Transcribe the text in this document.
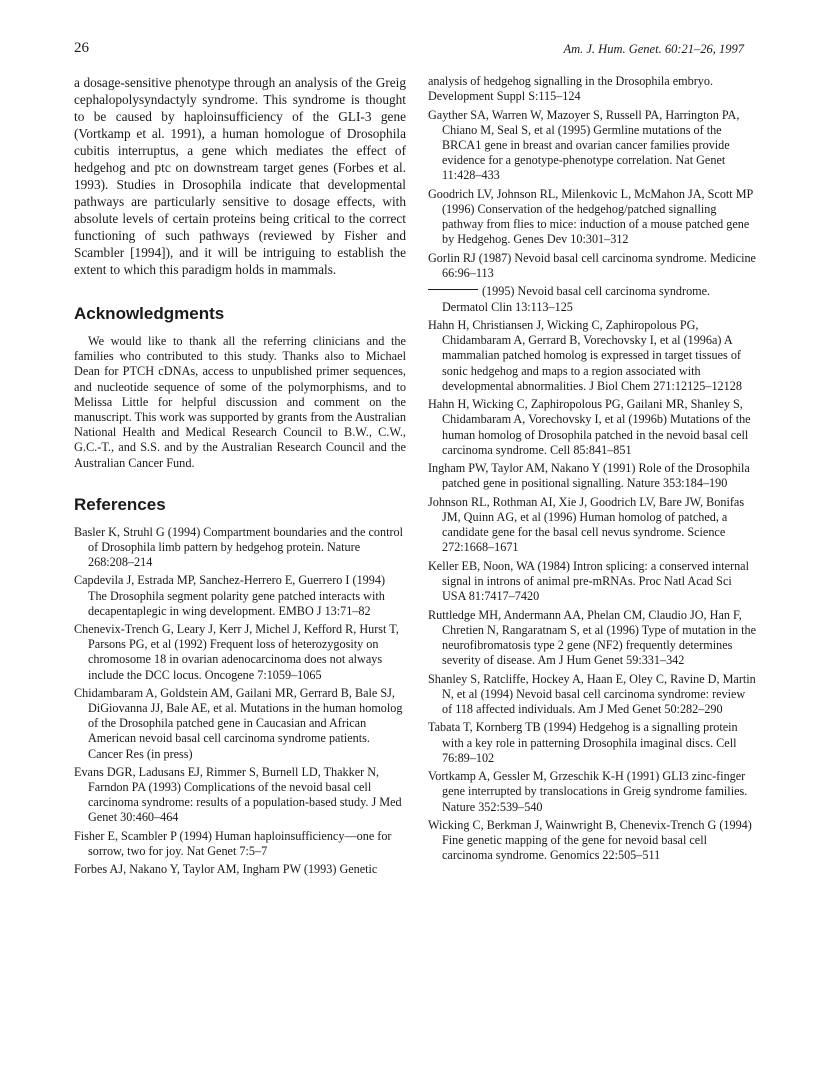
26	Am. J. Hum. Genet. 60:21–26, 1997

a dosage-sensitive phenotype through an analysis of the Greig cephalopolysyndactyly syndrome. This syndrome is thought to be caused by haploinsufficiency of the GLI-3 gene (Vortkamp et al. 1991), a human homologue of Drosophila cubitis interruptus, a gene which mediates the effect of hedgehog and ptc on downstream target genes (Forbes et al. 1993). Studies in Drosophila indicate that developmental pathways are particularly sensitive to dosage effects, with absolute levels of certain proteins being critical to the correct functioning of such pathways (reviewed by Fisher and Scambler [1994]), and it will be intriguing to establish the extent to which this paradigm holds in mammals.

Acknowledgments

We would like to thank all the referring clinicians and the families who contributed to this study. Thanks also to Michael Dean for PTCH cDNAs, access to unpublished primer sequences, and nucleotide sequence of some of the polymorphisms, and to Melissa Little for helpful discussion and comment on the manuscript. This work was supported by grants from the Australian National Health and Medical Research Council to B.W., C.W., G.C.-T., and S.S. and by the Australian Research Council and the Australian Cancer Fund.

References
Basler K, Struhl G (1994) Compartment boundaries and the control of Drosophila limb pattern by hedgehog protein. Nature 268:208–214
Capdevila J, Estrada MP, Sanchez-Herrero E, Guerrero I (1994) The Drosophila segment polarity gene patched interacts with decapentaplegic in wing development. EMBO J 13:71–82
Chenevix-Trench G, Leary J, Kerr J, Michel J, Kefford R, Hurst T, Parsons PG, et al (1992) Frequent loss of heterozygosity on chromosome 18 in ovarian adenocarcinoma does not always include the DCC locus. Oncogene 7:1059–1065
Chidambaram A, Goldstein AM, Gailani MR, Gerrard B, Bale SJ, DiGiovanna JJ, Bale AE, et al. Mutations in the human homolog of the Drosophila patched gene in Caucasian and African American nevoid basal cell carcinoma syndrome patients. Cancer Res (in press)
Evans DGR, Ladusans EJ, Rimmer S, Burnell LD, Thakker N, Farndon PA (1993) Complications of the nevoid basal cell carcinoma syndrome: results of a population-based study. J Med Genet 30:460–464
Fisher E, Scambler P (1994) Human haploinsufficiency—one for sorrow, two for joy. Nat Genet 7:5–7
Forbes AJ, Nakano Y, Taylor AM, Ingham PW (1993) Genetic
analysis of hedgehog signalling in the Drosophila embryo. Development Suppl S:115–124
Gayther SA, Warren W, Mazoyer S, Russell PA, Harrington PA, Chiano M, Seal S, et al (1995) Germline mutations of the BRCA1 gene in breast and ovarian cancer families provide evidence for a genotype-phenotype correlation. Nat Genet 11:428–433
Goodrich LV, Johnson RL, Milenkovic L, McMahon JA, Scott MP (1996) Conservation of the hedgehog/patched signalling pathway from flies to mice: induction of a mouse patched gene by Hedgehog. Genes Dev 10:301–312
Gorlin RJ (1987) Nevoid basal cell carcinoma syndrome. Medicine 66:96–113
(1995) Nevoid basal cell carcinoma syndrome. Dermatol Clin 13:113–125
Hahn H, Christiansen J, Wicking C, Zaphiropolous PG, Chidambaram A, Gerrard B, Vorechovsky I, et al (1996a) A mammalian patched homolog is expressed in target tissues of sonic hedgehog and maps to a region associated with developmental abnormalities. J Biol Chem 271:12125–12128
Hahn H, Wicking C, Zaphiropolous PG, Gailani MR, Shanley S, Chidambaram A, Vorechovsky I, et al (1996b) Mutations of the human homolog of Drosophila patched in the nevoid basal cell carcinoma syndrome. Cell 85:841–851
Ingham PW, Taylor AM, Nakano Y (1991) Role of the Drosophila patched gene in positional signalling. Nature 353:184–190
Johnson RL, Rothman AI, Xie J, Goodrich LV, Bare JW, Bonifas JM, Quinn AG, et al (1996) Human homolog of patched, a candidate gene for the basal cell nevus syndrome. Science 272:1668–1671
Keller EB, Noon, WA (1984) Intron splicing: a conserved internal signal in introns of animal pre-mRNAs. Proc Natl Acad Sci USA 81:7417–7420
Ruttledge MH, Andermann AA, Phelan CM, Claudio JO, Han F, Chretien N, Rangaratnam S, et al (1996) Type of mutation in the neurofibromatosis type 2 gene (NF2) frequently determines severity of disease. Am J Hum Genet 59:331–342
Shanley S, Ratcliffe, Hockey A, Haan E, Oley C, Ravine D, Martin N, et al (1994) Nevoid basal cell carcinoma syndrome: review of 118 affected individuals. Am J Med Genet 50:282–290
Tabata T, Kornberg TB (1994) Hedgehog is a signalling protein with a key role in patterning Drosophila imaginal discs. Cell 76:89–102
Vortkamp A, Gessler M, Grzeschik K-H (1991) GLI3 zinc-finger gene interrupted by translocations in Greig syndrome families. Nature 352:539–540
Wicking C, Berkman J, Wainwright B, Chenevix-Trench G (1994) Fine genetic mapping of the gene for nevoid basal cell carcinoma syndrome. Genomics 22:505–511
